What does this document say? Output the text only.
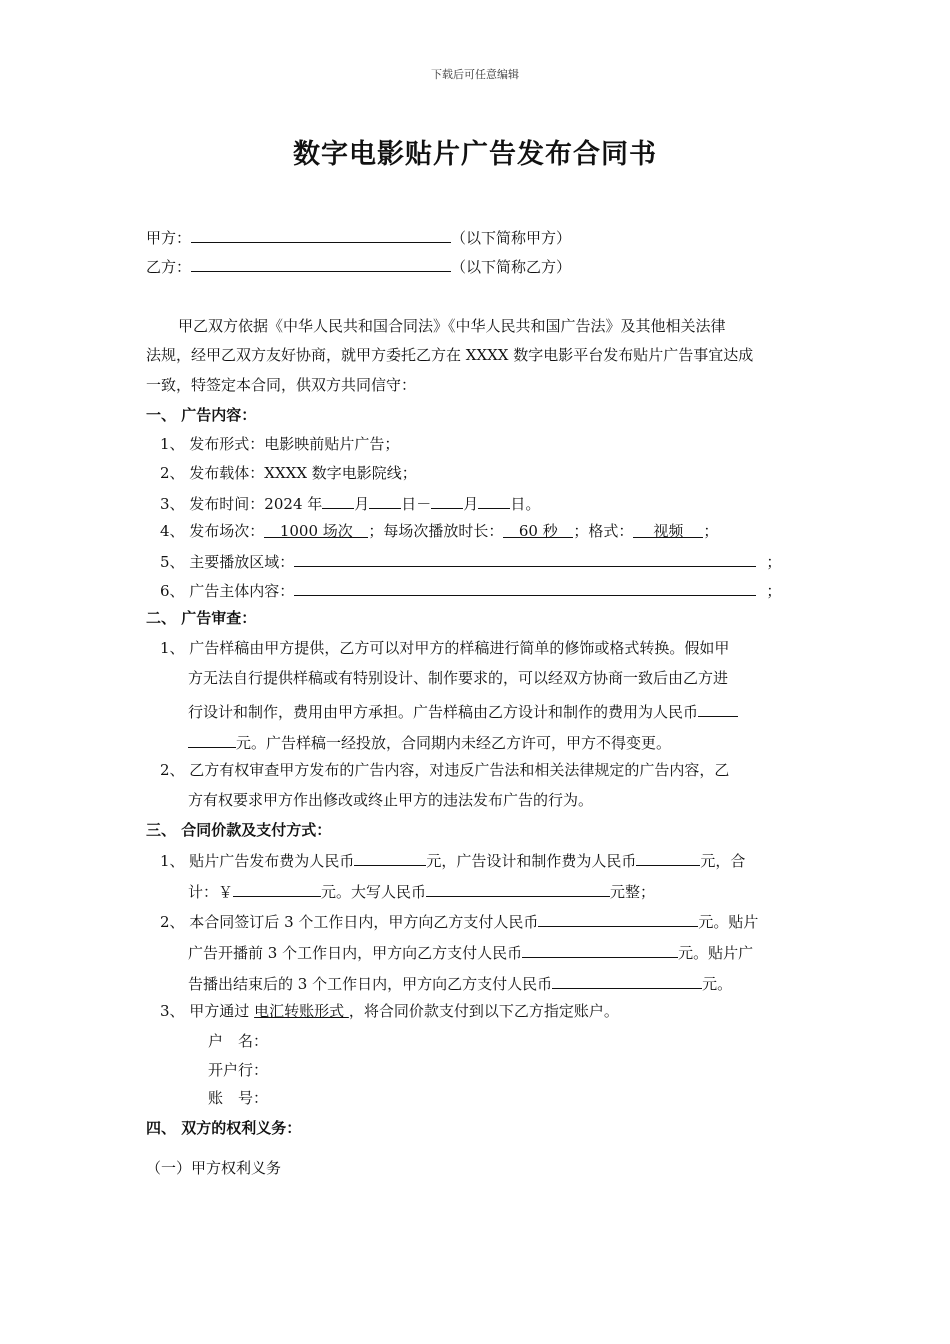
下载后可任意编辑
数字电影贴片广告发布合同书
甲方：	（以下简称甲方）
乙方：	（以下简称乙方）
甲乙双方依据《中华人民共和国合同法》《中华人民共和国广告法》及其他相关法律
法规，经甲乙双方友好协商，就甲方委托乙方在 XXXX 数字电影平台发布贴片广告事宜达成
一致，特签定本合同，供双方共同信守：
一、 广告内容：
1、 发布形式：电影映前贴片广告；
2、 发布载体：XXXX 数字电影院线；
3、 发布时间：2024 年 月 日－ 月 日。
4、 发布场次： 1000 场次 ；每场次播放时长： 60 秒 ；格式： 视频 ；
5、 主要播放区域：	；
6、 广告主体内容：	；
二、 广告审查：
1、 广告样稿由甲方提供，乙方可以对甲方的样稿进行简单的修饰或格式转换。假如甲
方无法自行提供样稿或有特别设计、制作要求的，可以经双方协商一致后由乙方进
行设计和制作，费用由甲方承担。广告样稿由乙方设计和制作的费用为人民币
元。广告样稿一经投放，合同期内未经乙方许可，甲方不得变更。
2、 乙方有权审查甲方发布的广告内容，对违反广告法和相关法律规定的广告内容，乙
方有权要求甲方作出修改或终止甲方的违法发布广告的行为。
三、 合同价款及支付方式：
1、 贴片广告发布费为人民币	元，广告设计和制作费为人民币	元，合
计：￥	元。大写人民币	元整；
2、 本合同签订后 3 个工作日内，甲方向乙方支付人民币	元。贴片
广告开播前 3 个工作日内，甲方向乙方支付人民币	元。贴片广
告播出结束后的 3 个工作日内，甲方向乙方支付人民币	元。
3、 甲方通过 电汇转账形式 ，将合同价款支付到以下乙方指定账户。
户　名：
开户行：
账　号：
四、 双方的权利义务：
（一）甲方权利义务
